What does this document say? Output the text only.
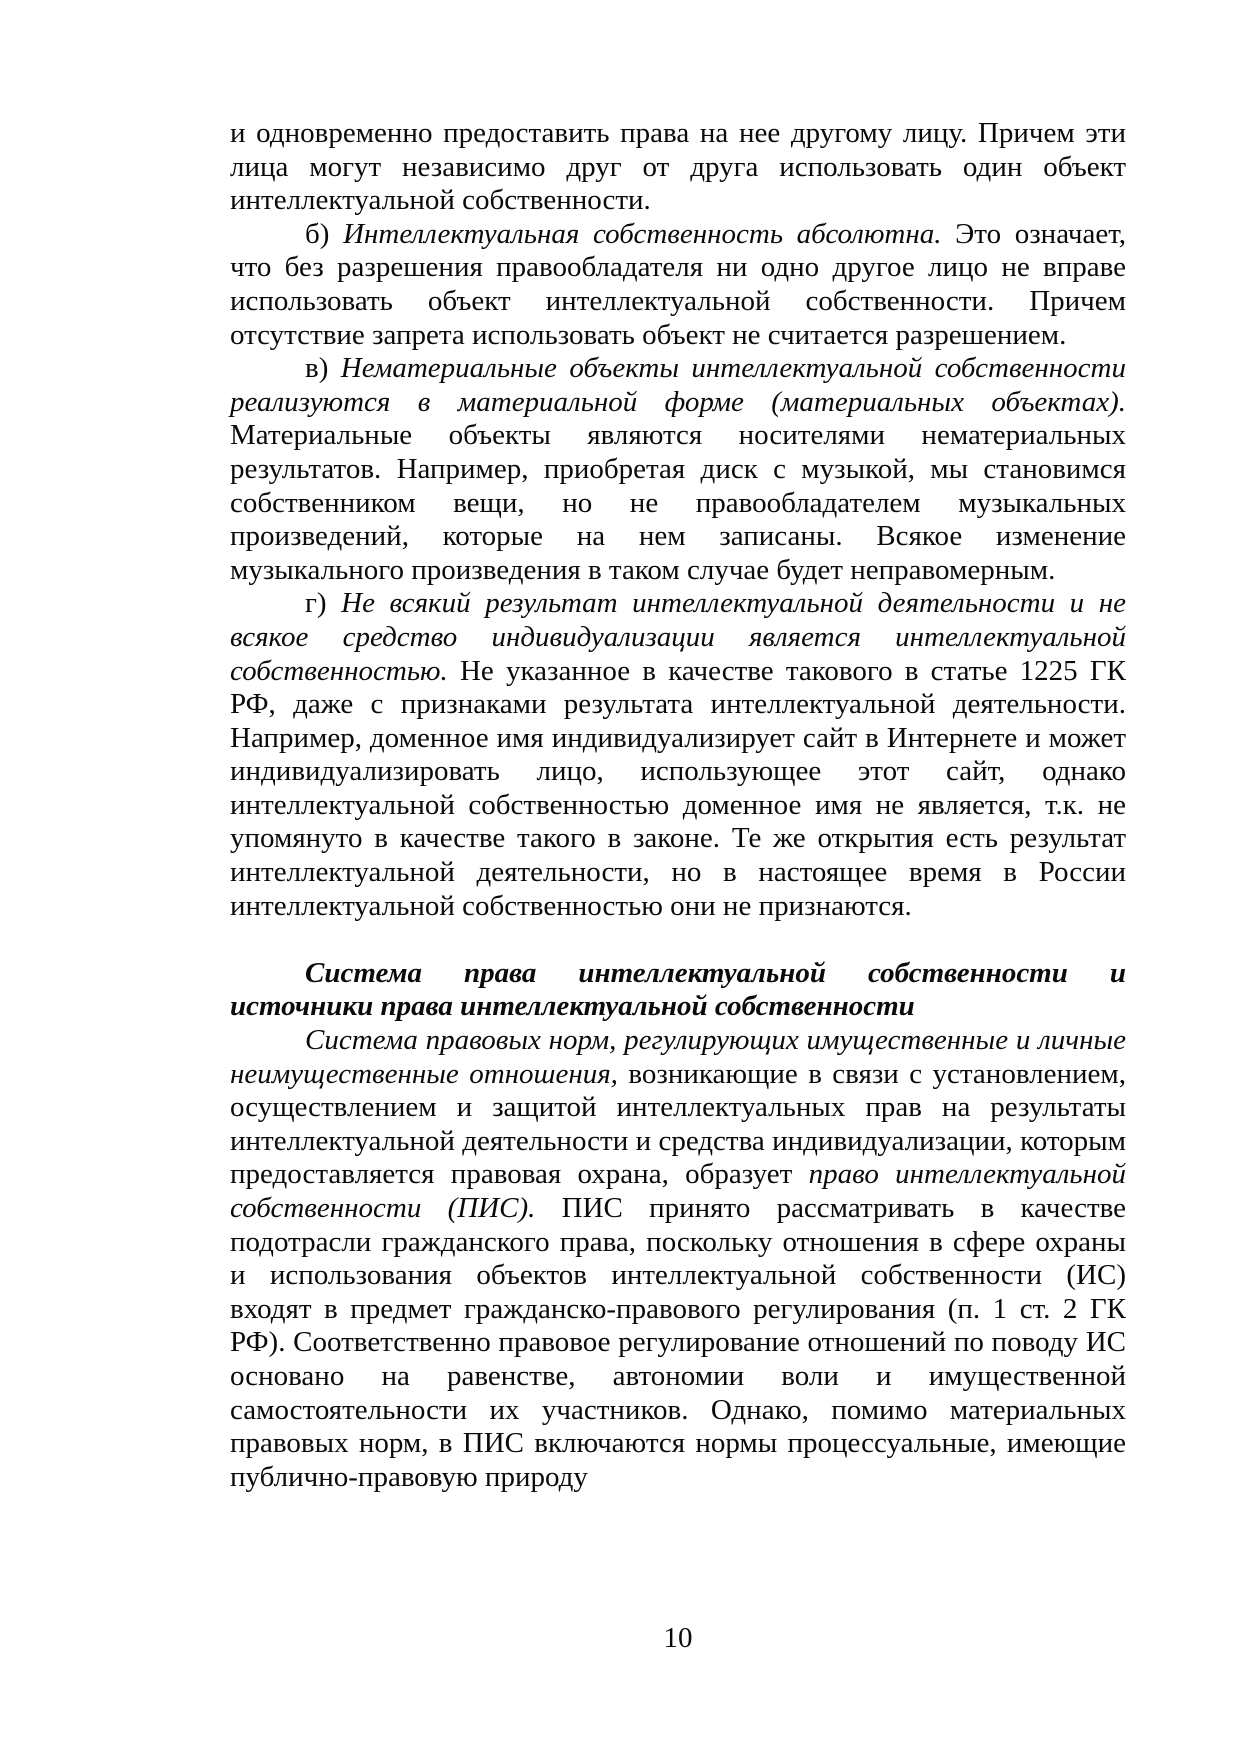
и одновременно предоставить права на нее другому лицу. Причем эти лица могут независимо друг от друга использовать один объект интеллектуальной собственности.

б) Интеллектуальная собственность абсолютна. Это означает, что без разрешения правообладателя ни одно другое лицо не вправе использовать объект интеллектуальной собственности. Причем отсутствие запрета использовать объект не считается разрешением.

в) Нематериальные объекты интеллектуальной собственности реализуются в материальной форме (материальных объектах). Материальные объекты являются носителями нематериальных результатов. Например, приобретая диск с музыкой, мы становимся собственником вещи, но не правообладателем музыкальных произведений, которые на нем записаны. Всякое изменение музыкального произведения в таком случае будет неправомерным.

г) Не всякий результат интеллектуальной деятельности и не всякое средство индивидуализации является интеллектуальной собственностью. Не указанное в качестве такового в статье 1225 ГК РФ, даже с признаками результата интеллектуальной деятельности. Например, доменное имя индивидуализирует сайт в Интернете и может индивидуализировать лицо, использующее этот сайт, однако интеллектуальной собственностью доменное имя не является, т.к. не упомянуто в качестве такого в законе. Те же открытия есть результат интеллектуальной деятельности, но в настоящее время в России интеллектуальной собственностью они не признаются.

Система права интеллектуальной собственности и
источники права интеллектуальной собственности

Система правовых норм, регулирующих имущественные и личные неимущественные отношения, возникающие в связи с установлением, осуществлением и защитой интеллектуальных прав на результаты интеллектуальной деятельности и средства индивидуализации, которым предоставляется правовая охрана, образует право интеллектуальной собственности (ПИС). ПИС принято рассматривать в качестве подотрасли гражданского права, поскольку отношения в сфере охраны и использования объектов интеллектуальной собственности (ИС) входят в предмет гражданско-правового регулирования (п. 1 ст. 2 ГК РФ). Соответственно правовое регулирование отношений по поводу ИС основано на равенстве, автономии воли и имущественной самостоятельности их участников. Однако, помимо материальных правовых норм, в ПИС включаются нормы процессуальные, имеющие публично-правовую природу

10
